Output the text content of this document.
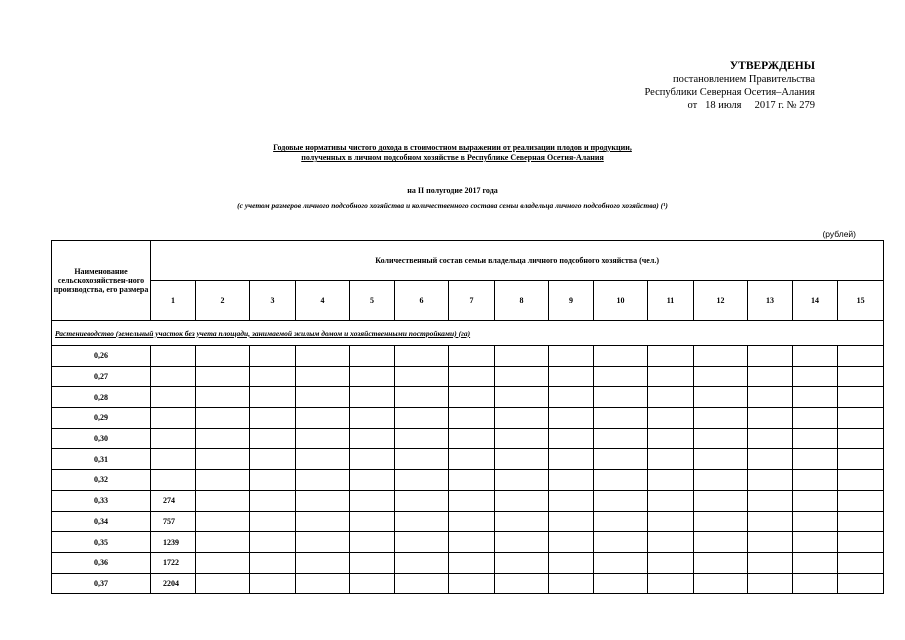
УТВЕРЖДЕНЫ
постановлением Правительства
Республики Северная Осетия–Алания
от 18 июля 2017 г. № 279
Годовые нормативы чистого дохода в стоимостном выражении от реализации плодов и продукции,
полученных в личном подсобном хозяйстве в Республике Северная Осетия-Алания
на II полугодие 2017 года
(с учетом размеров личного подсобного хозяйства и количественного состава семьи владельца личного подсобного хозяйства) (¹)
(рублей)
Наименование сельскохозяйствен-ного производства, его размера	Количественный состав семьи владельца личного подсобного хозяйства (чел.)														
	1	2	3	4	5	6	7	8	9	10	11	12	13	14	15
Растениеводство (земельный участок без учета площади, занимаемой жилым домом и хозяйственными постройками) (га)															
0,26															
0,27															
0,28															
0,29															
0,30															
0,31															
0,32															
0,33	274														
0,34	757														
0,35	1239														
0,36	1722														
0,37	2204														
